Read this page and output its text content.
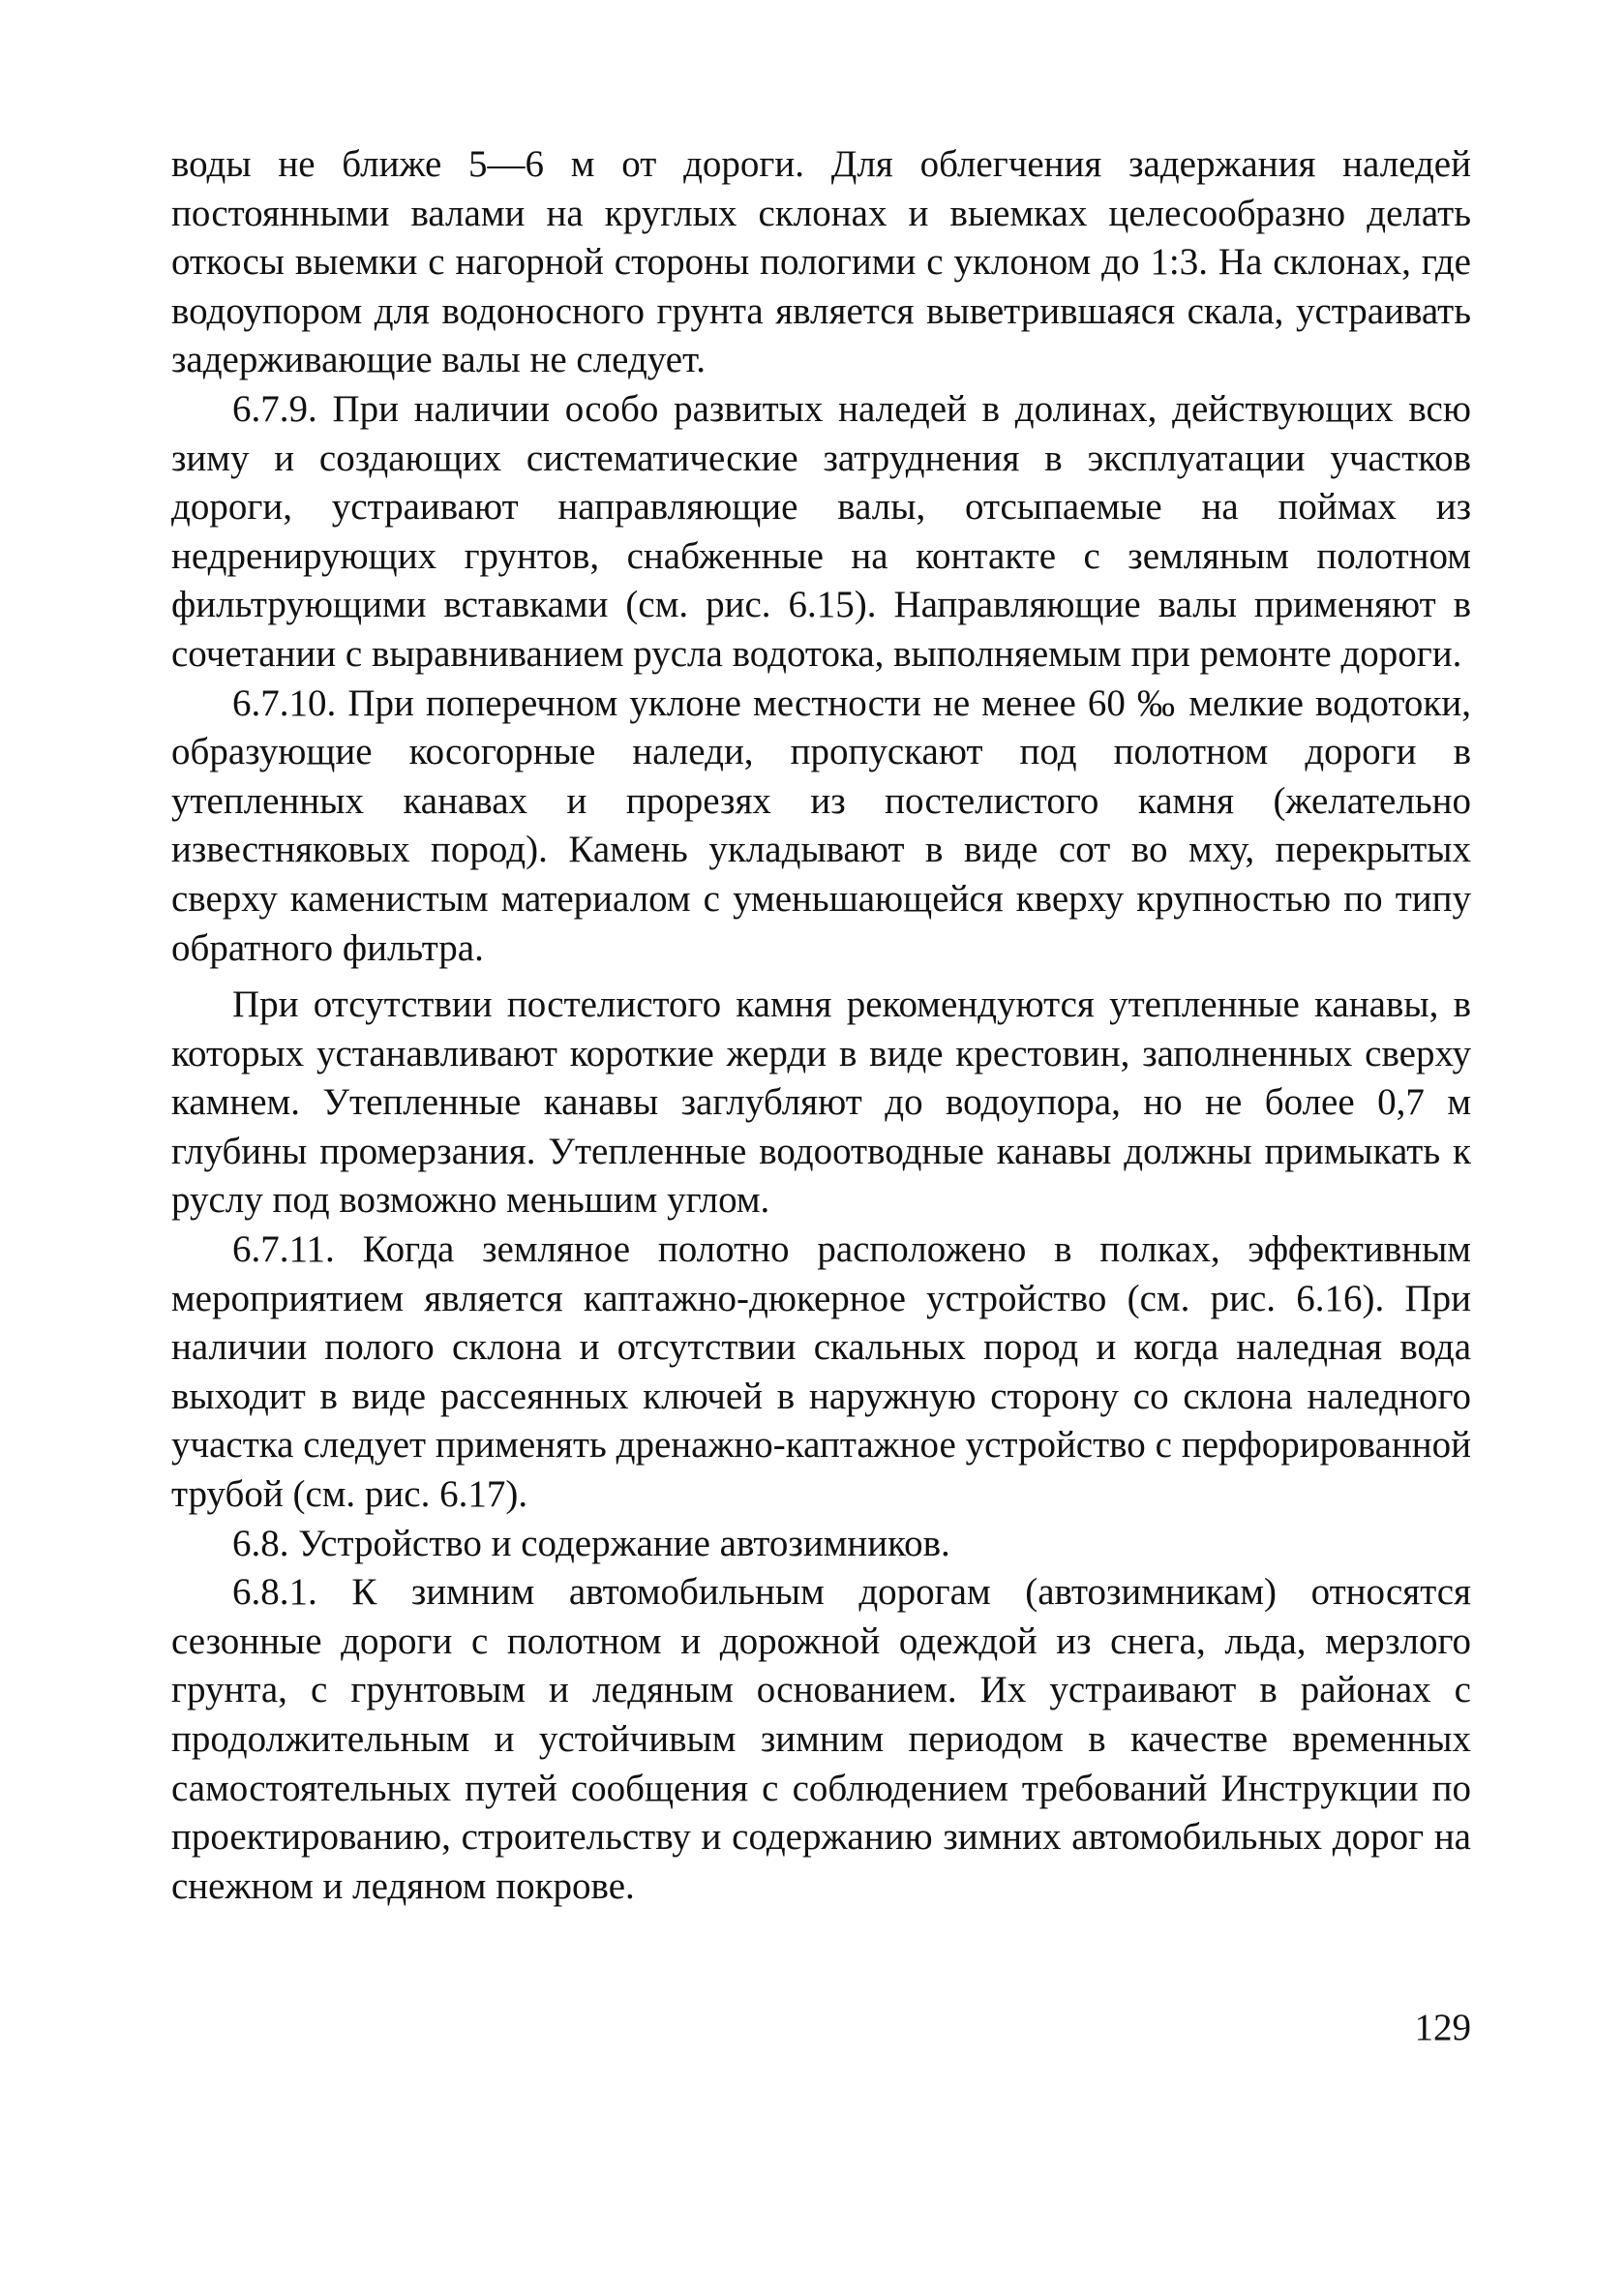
воды не ближе 5—6 м от дороги. Для облегчения задержания наледей постоянными валами на круглых склонах и выемках целесообразно делать откосы выемки с нагорной стороны пологими с уклоном до 1:3. На склонах, где водоупором для водоносного грунта является выветрившаяся скала, устраивать задерживающие валы не следует.

6.7.9. При наличии особо развитых наледей в долинах, действующих всю зиму и создающих систематические затруднения в эксплуатации участков дороги, устраивают направляющие валы, отсыпаемые на поймах из недренирующих грунтов, снабженные на контакте с земляным полотном фильтрующими вставками (см. рис. 6.15). Направляющие валы применяют в сочетании с выравниванием русла водотока, выполняемым при ремонте дороги.

6.7.10. При поперечном уклоне местности не менее 60 ‰ мелкие водотоки, образующие косогорные наледи, пропускают под полотном дороги в утепленных канавах и прорезях из постелистого камня (желательно известняковых пород). Камень укладывают в виде сот во мху, перекрытых сверху каменистым материалом с уменьшающейся кверху крупностью по типу обратного фильтра.

При отсутствии постелистого камня рекомендуются утепленные канавы, в которых устанавливают короткие жерди в виде крестовин, заполненных сверху камнем. Утепленные канавы заглубляют до водоупора, но не более 0,7 м глубины промерзания. Утепленные водоотводные канавы должны примыкать к руслу под возможно меньшим углом.

6.7.11. Когда земляное полотно расположено в полках, эффективным мероприятием является каптажно-дюкерное устройство (см. рис. 6.16). При наличии полого склона и отсутствии скальных пород и когда наледная вода выходит в виде рассеянных ключей в наружную сторону со склона наледного участка следует применять дренажно-каптажное устройство с перфорированной трубой (см. рис. 6.17).

6.8. Устройство и содержание автозимников.

6.8.1. К зимним автомобильным дорогам (автозимникам) относятся сезонные дороги с полотном и дорожной одеждой из снега, льда, мерзлого грунта, с грунтовым и ледяным основанием. Их устраивают в районах с продолжительным и устойчивым зимним периодом в качестве временных самостоятельных путей сообщения с соблюдением требований Инструкции по проектированию, строительству и содержанию зимних автомобильных дорог на снежном и ледяном покрове.

129
